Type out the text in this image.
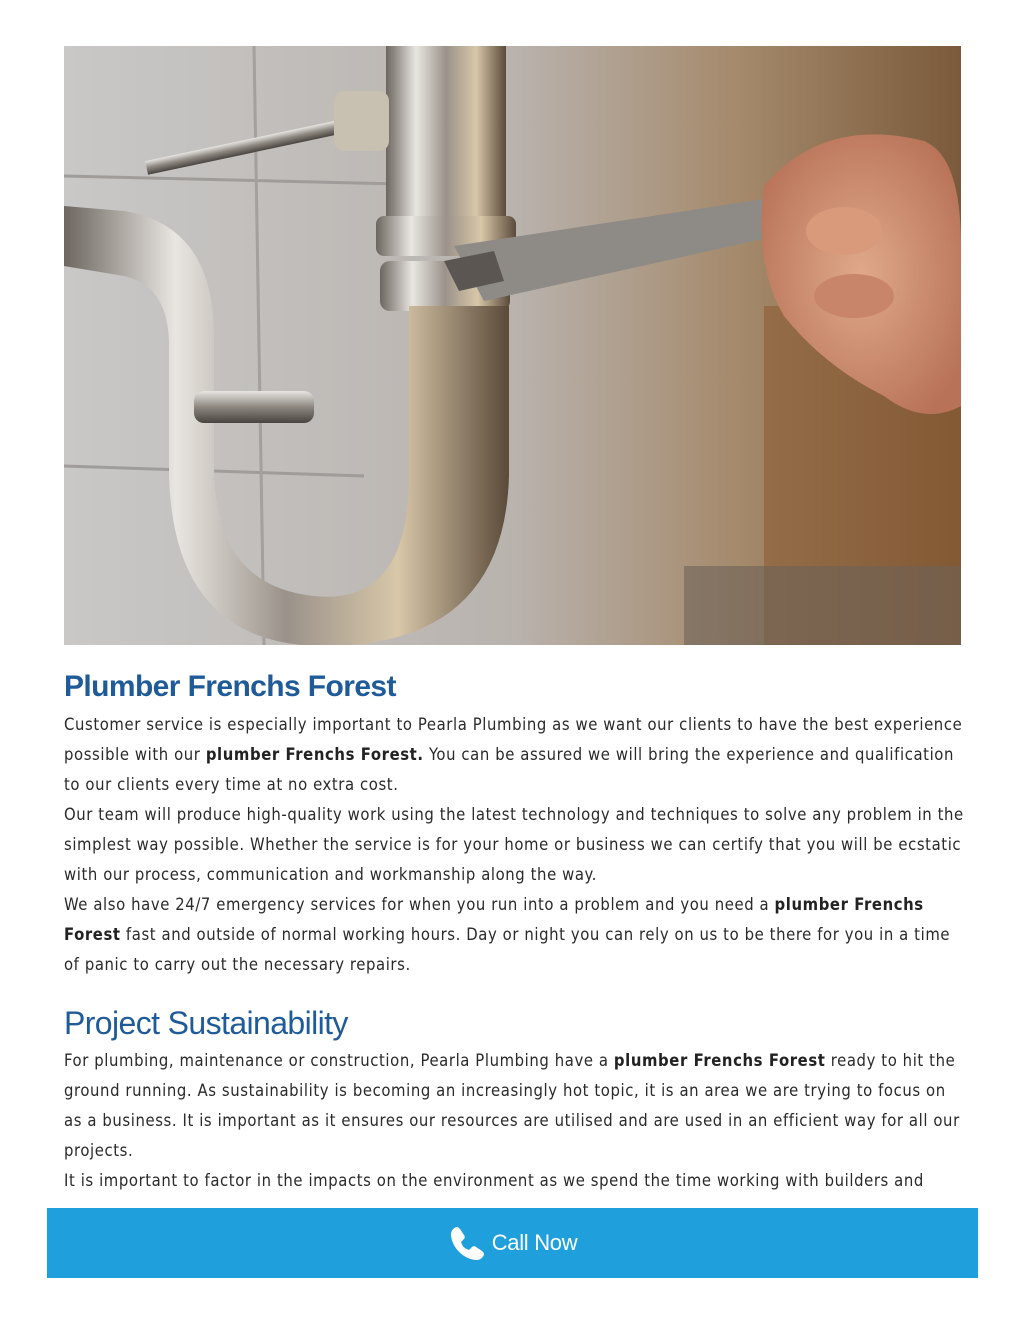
Plumber Frenchs Forest

Customer service is especially important to Pearla Plumbing as we want our clients to have the best experience possible with our plumber Frenchs Forest. You can be assured we will bring the experience and qualification to our clients every time at no extra cost.

Our team will produce high-quality work using the latest technology and techniques to solve any problem in the simplest way possible. Whether the service is for your home or business we can certify that you will be ecstatic with our process, communication and workmanship along the way.

We also have 24/7 emergency services for when you run into a problem and you need a plumber Frenchs Forest fast and outside of normal working hours. Day or night you can rely on us to be there for you in a time of panic to carry out the necessary repairs.

Project Sustainability

For plumbing, maintenance or construction, Pearla Plumbing have a plumber Frenchs Forest ready to hit the ground running. As sustainability is becoming an increasingly hot topic, it is an area we are trying to focus on as a business. It is important as it ensures our resources are utilised and are used in an efficient way for all our projects.

It is important to factor in the impacts on the environment as we spend the time working with builders and

Call Now
